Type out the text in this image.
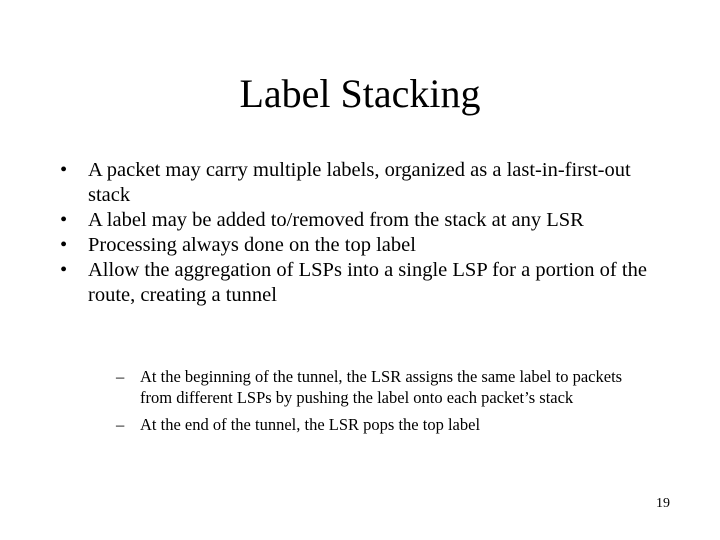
Label Stacking
• A packet may carry multiple labels, organized as a last-in-first-out stack
• A label may be added to/removed from the stack at any LSR
• Processing always done on the top label
• Allow the aggregation of LSPs into a single LSP for a portion of the route, creating a tunnel
– At the beginning of the tunnel, the LSR assigns the same label to packets from different LSPs by pushing the label onto each packet’s stack
– At the end of the tunnel, the LSR pops the top label
19
